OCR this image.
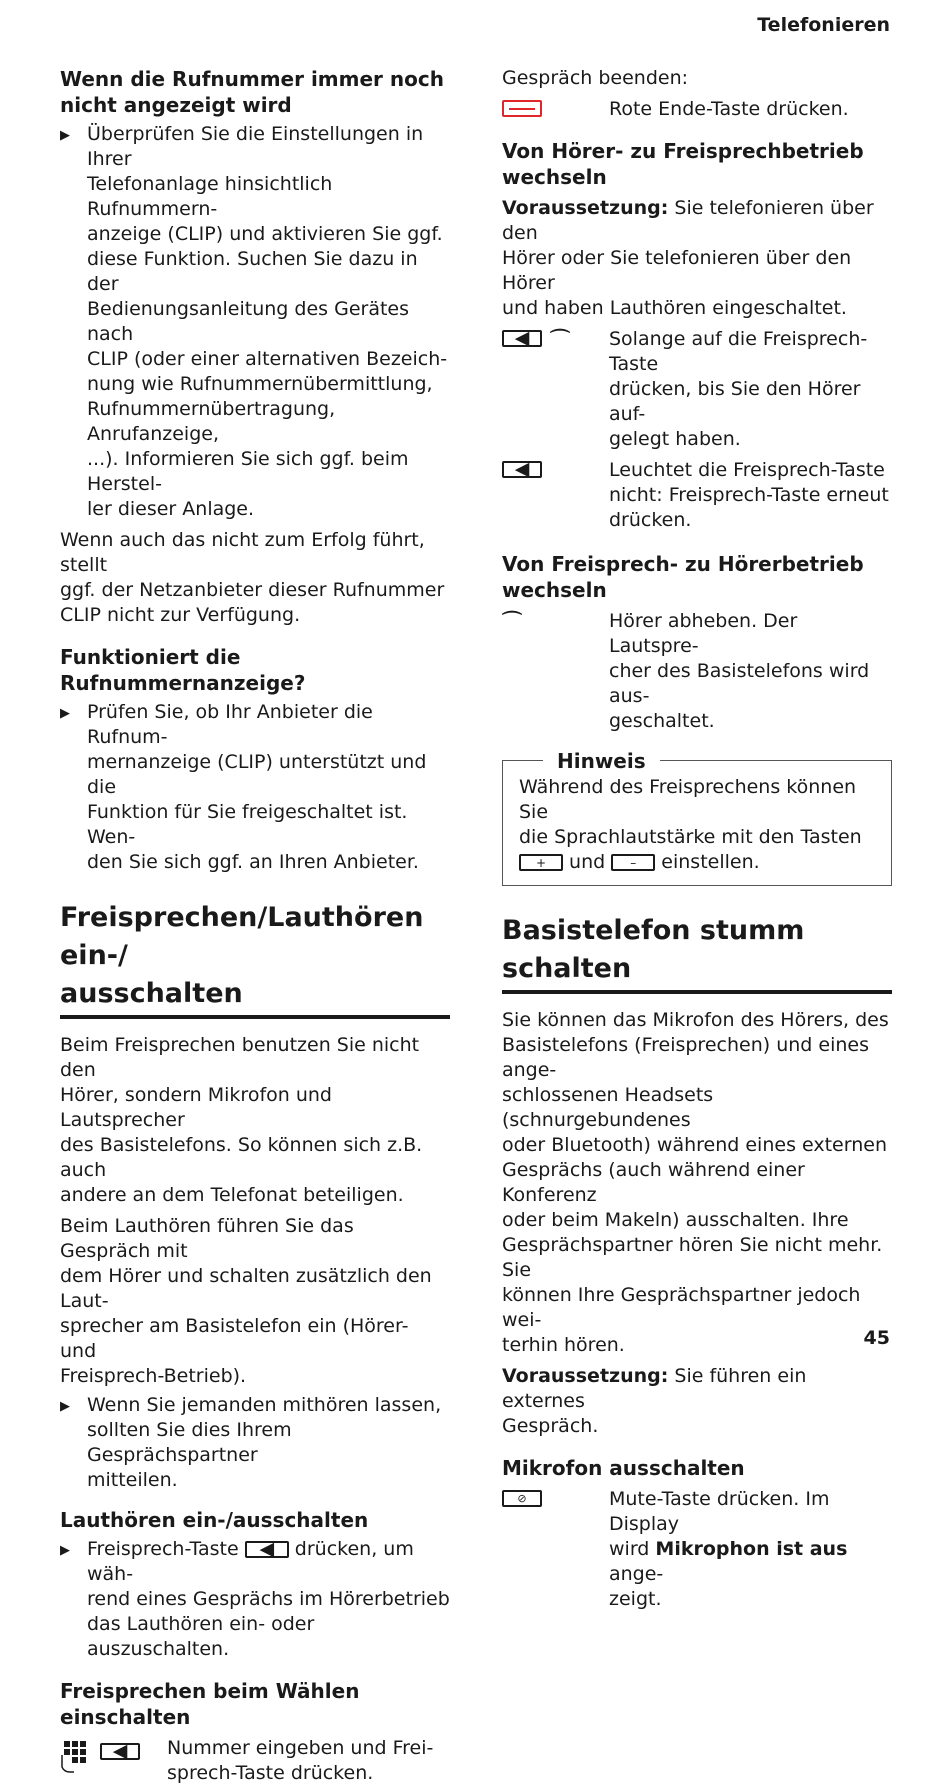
Telefonieren
Wenn die Rufnummer immer noch
nicht angezeigt wird
▶ Überprüfen Sie die Einstellungen in Ihrer
Telefonanlage hinsichtlich Rufnummern-
anzeige (CLIP) und aktivieren Sie ggf.
diese Funktion. Suchen Sie dazu in der
Bedienungsanleitung des Gerätes nach
CLIP (oder einer alternativen Bezeich-
nung wie Rufnummernübermittlung,
Rufnummernübertragung, Anrufanzeige,
...). Informieren Sie sich ggf. beim Herstel-
ler dieser Anlage.

Wenn auch das nicht zum Erfolg führt, stellt
ggf. der Netzanbieter dieser Rufnummer
CLIP nicht zur Verfügung.

Funktioniert die
Rufnummernanzeige?
▶ Prüfen Sie, ob Ihr Anbieter die Rufnum-
mernanzeige (CLIP) unterstützt und die
Funktion für Sie freigeschaltet ist. Wen-
den Sie sich ggf. an Ihren Anbieter.
Freisprechen/Lauthören ein-/
ausschalten

Beim Freisprechen benutzen Sie nicht den
Hörer, sondern Mikrofon und Lautsprecher
des Basistelefons. So können sich z.B. auch
andere an dem Telefonat beteiligen.

Beim Lauthören führen Sie das Gespräch mit
dem Hörer und schalten zusätzlich den Laut-
sprecher am Basistelefon ein (Hörer- und
Freisprech-Betrieb).

▶ Wenn Sie jemanden mithören lassen,
sollten Sie dies Ihrem Gesprächspartner
mitteilen.
Lauthören ein-/ausschalten
▶ Freisprech-Taste ◀ drücken, um wäh-
rend eines Gesprächs im Hörerbetrieb
das Lauthören ein- oder auszuschalten.
Freisprechen beim Wählen
einschalten
◀ Nummer eingeben und Frei-
sprech-Taste drücken.

Gespräch beenden:

Rote Ende-Taste drücken.
Von Hörer- zu Freisprechbetrieb
wechseln

Voraussetzung: Sie telefonieren über den
Hörer oder Sie telefonieren über den Hörer
und haben Lauthören eingeschaltet.

◀ ⌒ Solange auf die Freisprech-Taste
drücken, bis Sie den Hörer auf-
gelegt haben.
◀	Leuchtet die Freisprech-Taste
nicht: Freisprech-Taste erneut
drücken.
Von Freisprech- zu Hörerbetrieb
wechseln
⌒	Hörer abheben. Der Lautspre-
cher des Basistelefons wird aus-
geschaltet.
Hinweis
Während des Freisprechens können Sie
die Sprachlautstärke mit den Tasten
+ und – einstellen.
Basistelefon stumm schalten

Sie können das Mikrofon des Hörers, des
Basistelefons (Freisprechen) und eines ange-
schlossenen Headsets (schnurgebundenes
oder Bluetooth) während eines externen
Gesprächs (auch während einer Konferenz
oder beim Makeln) ausschalten. Ihre
Gesprächspartner hören Sie nicht mehr. Sie
können Ihre Gesprächspartner jedoch wei-
terhin hören.

Voraussetzung: Sie führen ein externes
Gespräch.

Mikrofon ausschalten
⊘	Mute-Taste drücken. Im Display
wird Mikrophon ist aus ange-
zeigt.
45
